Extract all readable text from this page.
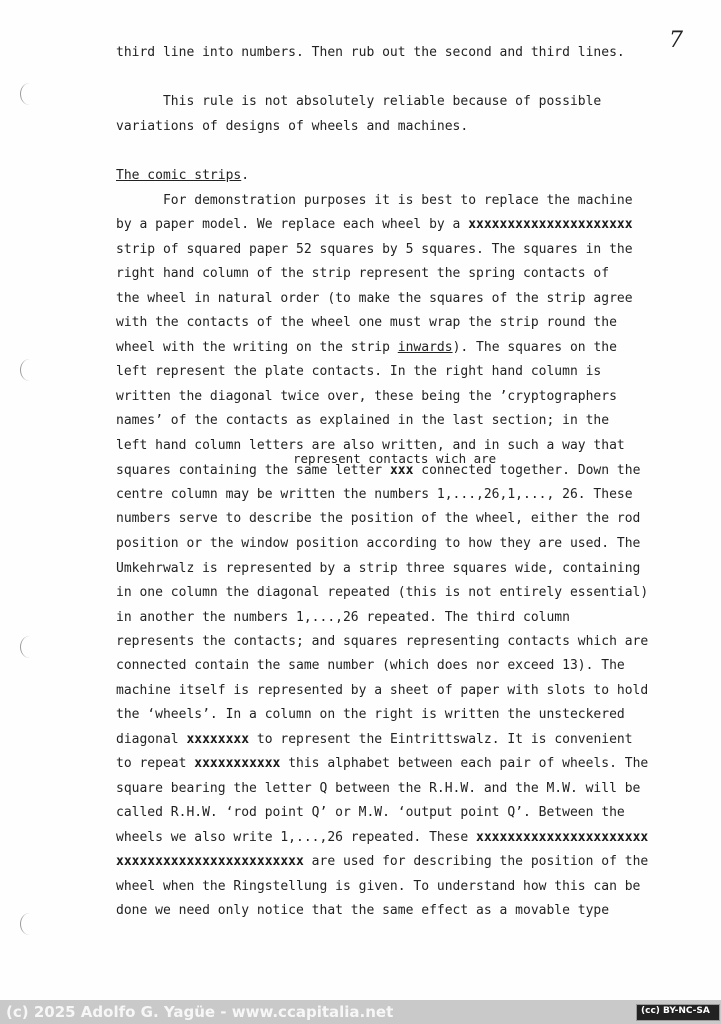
7
third line into numbers. Then rub out the second and third lines.
This rule is not absolutely reliable because of possible
variations of designs of wheels and machines.
The comic strips.
For demonstration purposes it is best to replace the machine
by a paper model. We replace each wheel by a xxxxxxxxxxxxxxxxxxxxx
strip of squared paper 52 squares by 5 squares. The squares in the
right hand column of the strip represent the spring contacts of
the wheel in natural order (to make the squares of the strip agree
with the contacts of the wheel one must wrap the strip round the
wheel with the writing on the strip inwards). The squares on the
left represent the plate contacts. In the right hand column is
written the diagonal twice over, these being the ’cryptographers
names’ of the contacts as explained in the last section; in the
left hand column letters are also written, and in such a way that
represent contacts wich are
squares containing the same letter xxx connected together. Down the
centre column may be written the numbers 1,...,26,1,..., 26. These
numbers serve to describe the position of the wheel, either the rod
position or the window position according to how they are used. The
Umkehrwalz is represented by a strip three squares wide, containing
in one column the diagonal repeated (this is not entirely essential)
in another the numbers 1,...,26 repeated. The third column
represents the contacts; and squares representing contacts which are
connected contain the same number (which does nor exceed 13). The
machine itself is represented by a sheet of paper with slots to hold
the ‘wheels’. In a column on the right is written the unsteckered
diagonal xxxxxxxx to represent the Eintrittswalz. It is convenient
to repeat xxxxxxxxxxx this alphabet between each pair of wheels. The
square bearing the letter Q between the R.H.W. and the M.W. will be
called R.H.W. ‘rod point Q’ or M.W. ‘output point Q’. Between the
wheels we also write 1,...,26 repeated. These xxxxxxxxxxxxxxxxxxxxxx
xxxxxxxxxxxxxxxxxxxxxxxx are used for describing the position of the
wheel when the Ringstellung is given. To understand how this can be
done we need only notice that the same effect as a movable type
(c) 2025 Adolfo G. Yagüe - www.ccapitalia.net	(cc) BY-NC-SA
